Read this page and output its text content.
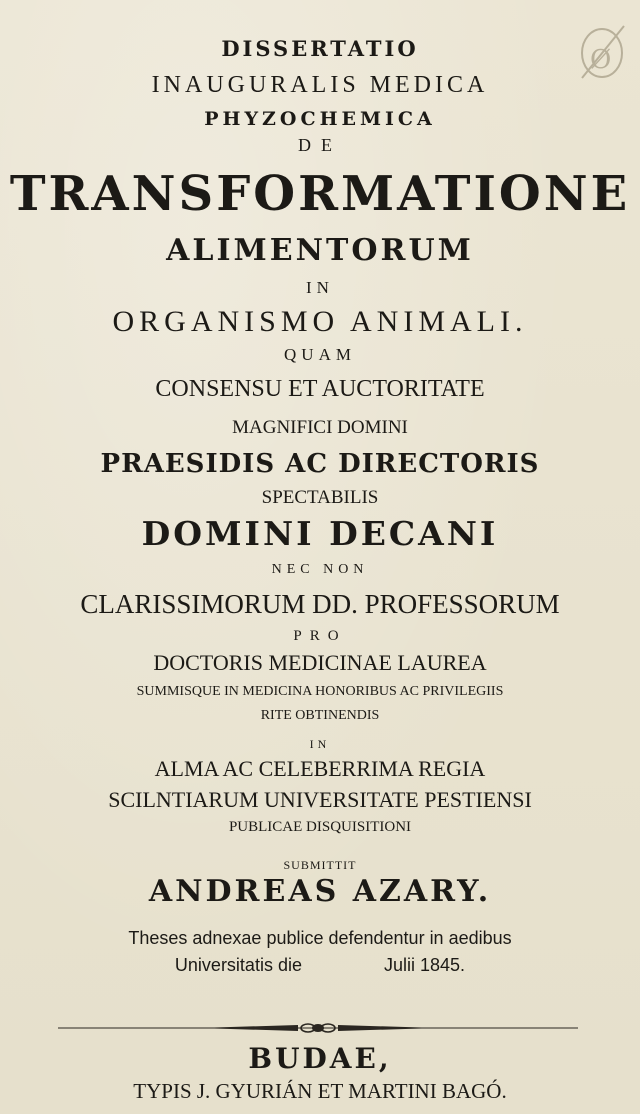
DISSERTATIO
INAUGURALIS MEDICA
PHYZOCHEMICA
DE
TRANSFORMATIONE
ALIMENTORUM
IN
ORGANISMO ANIMALI.
QUAM
CONSENSU ET AUCTORITATE
MAGNIFICI DOMINI
PRAESIDIS AC DIRECTORIS
SPECTABILIS
DOMINI DECANI
NEC NON
CLARISSIMORUM DD. PROFESSORUM
PRO
DOCTORIS MEDICINAE LAUREA
SUMMISQUE IN MEDICINA HONORIBUS AC PRIVILEGIIS
RITE OBTINENDIS
IN
ALMA AC CELEBERRIMA REGIA
SCILNTIARUM UNIVERSITATE PESTIENSI
PUBLICAE DISQUISITIONI
SUBMITTIT
ANDREAS AZARY.
Theses adnexae publice defendentur in aedibus
Universitatis die	Julii 1845.
BUDAE,
TYPIS J. GYURIÁN ET MARTINI BAGÓ.
Ø
